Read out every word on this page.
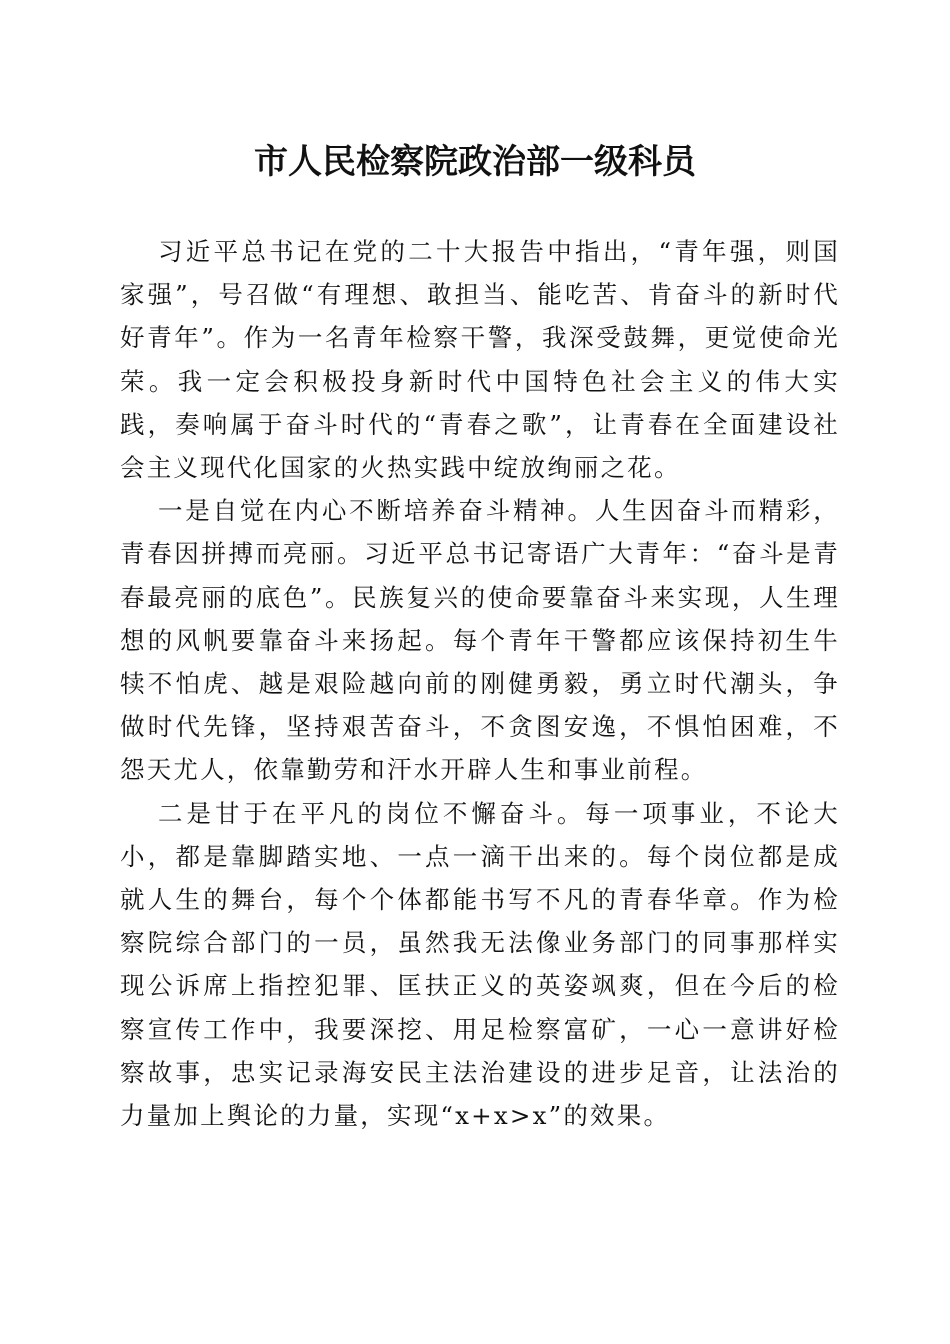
市人民检察院政治部一级科员

习近平总书记在党的二十大报告中指出，“青年强，则国家强”，号召做“有理想、敢担当、能吃苦、肯奋斗的新时代好青年”。作为一名青年检察干警，我深受鼓舞，更觉使命光荣。我一定会积极投身新时代中国特色社会主义的伟大实践，奏响属于奋斗时代的“青春之歌”，让青春在全面建设社会主义现代化国家的火热实践中绽放绚丽之花。

一是自觉在内心不断培养奋斗精神。人生因奋斗而精彩，青春因拼搏而亮丽。习近平总书记寄语广大青年：“奋斗是青春最亮丽的底色”。民族复兴的使命要靠奋斗来实现，人生理想的风帆要靠奋斗来扬起。每个青年干警都应该保持初生牛犊不怕虎、越是艰险越向前的刚健勇毅，勇立时代潮头，争做时代先锋，坚持艰苦奋斗，不贪图安逸，不惧怕困难，不怨天尤人，依靠勤劳和汗水开辟人生和事业前程。

二是甘于在平凡的岗位不懈奋斗。每一项事业，不论大小，都是靠脚踏实地、一点一滴干出来的。每个岗位都是成就人生的舞台，每个个体都能书写不凡的青春华章。作为检察院综合部门的一员，虽然我无法像业务部门的同事那样实现公诉席上指控犯罪、匡扶正义的英姿飒爽，但在今后的检察宣传工作中，我要深挖、用足检察富矿，一心一意讲好检察故事，忠实记录海安民主法治建设的进步足音，让法治的力量加上舆论的力量，实现“x+x>x”的效果。
